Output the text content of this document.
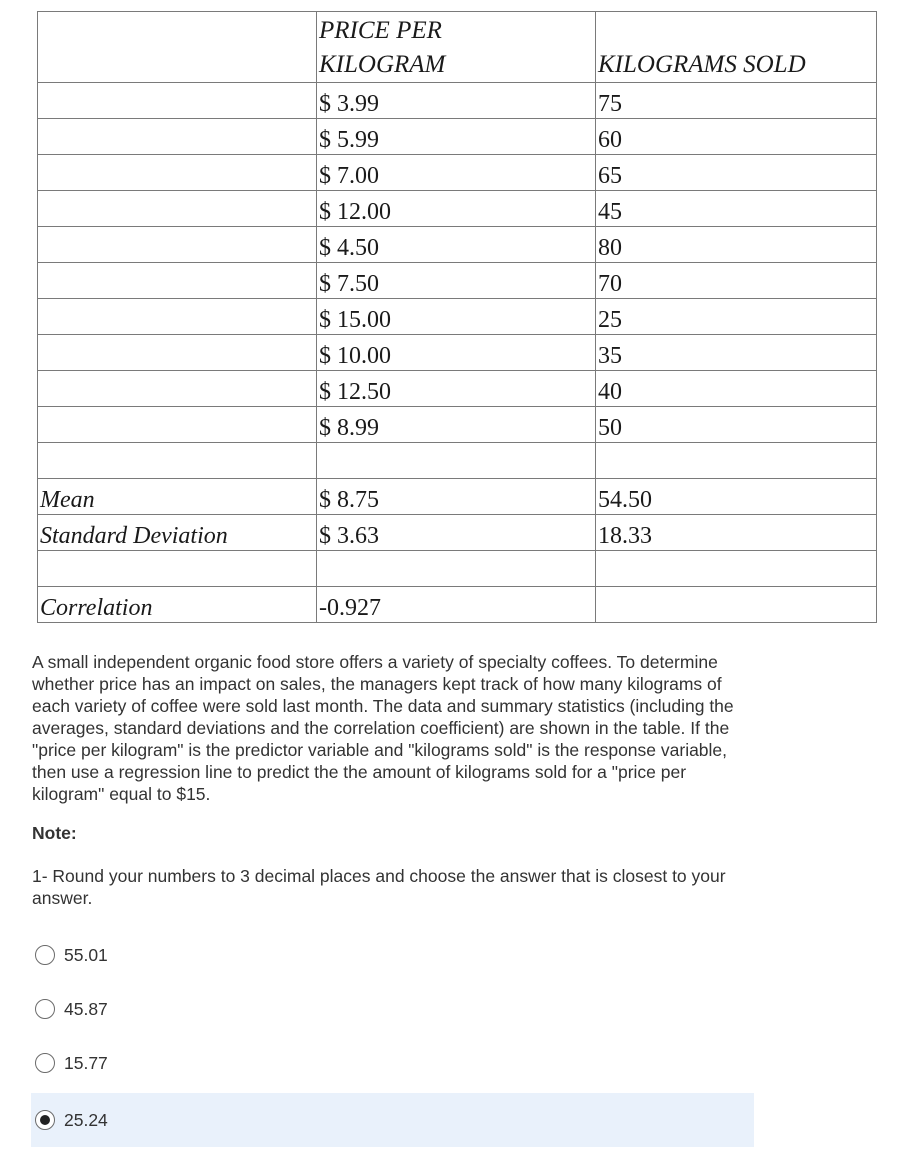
	PRICE PER
KILOGRAM	KILOGRAMS SOLD
	$ 3.99	75
	$ 5.99	60
	$ 7.00	65
	$ 12.00	45
	$ 4.50	80
	$ 7.50	70
	$ 15.00	25
	$ 10.00	35
	$ 12.50	40
	$ 8.99	50

Mean	$ 8.75	54.50
Standard Deviation	$ 3.63	18.33

Correlation	-0.927	

A small independent organic food store offers a variety of specialty coffees. To determine whether price has an impact on sales, the managers kept track of how many kilograms of each variety of coffee were sold last month. The data and summary statistics (including the averages, standard deviations and the correlation coefficient) are shown in the table. If the "price per kilogram" is the predictor variable and "kilograms sold" is the response variable, then use a regression line to predict the the amount of kilograms sold for a "price per kilogram" equal to $15.

Note:

1- Round your numbers to 3 decimal places and choose the answer that is closest to your answer.

55.01
45.87
15.77
25.24
